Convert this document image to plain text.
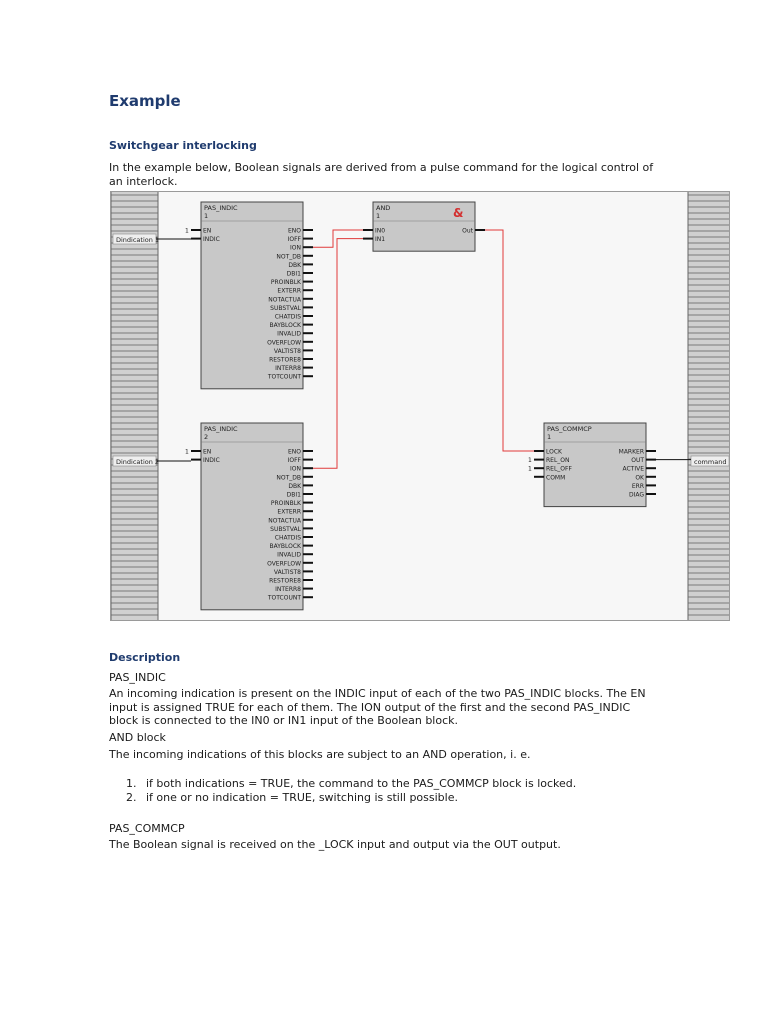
Example
Switchgear interlocking

In the example below, Boolean signals are derived from a pulse command for the logical control of an interlock.

Dindication 1
Dindication 2	command
PAS_INDIC
1
EN
1
INDIC
ENO
IOFF
ION
NOT_DB
DBK
DBI1
PROINBLK
EXTERR
NOTACTUA
SUBSTVAL
CHATDIS
BAYBLOCK
INVALID
OVERFLOW
VALTIST8
RESTORE8
INTERR8
TOTCOUNT
PAS_INDIC
2
EN
1
INDIC
ENO
IOFF
ION
NOT_DB
DBK
DBI1
PROINBLK
EXTERR
NOTACTUA
SUBSTVAL
CHATDIS
BAYBLOCK
INVALID
OVERFLOW
VALTIST8
RESTORE8
INTERR8
TOTCOUNT
AND
1
IN0
IN1
Out
&
PAS_COMMCP
1
LOCK
REL_ON
1
REL_OFF
1
COMM
MARKER
OUT
ACTIVE
OK
ERR
DIAG
Description

PAS_INDIC

An incoming indication is present on the INDIC input of each of the two PAS_INDIC blocks. The EN input is assigned TRUE for each of them. The ION output of the first and the second PAS_INDIC block is connected to the IN0 or IN1 input of the Boolean block.

AND block

The incoming indications of this blocks are subject to an AND operation, i. e.

1. if both indications = TRUE, the command to the PAS_COMMCP block is locked.
2. if one or no indication = TRUE, switching is still possible.

PAS_COMMCP

The Boolean signal is received on the _LOCK input and output via the OUT output.
